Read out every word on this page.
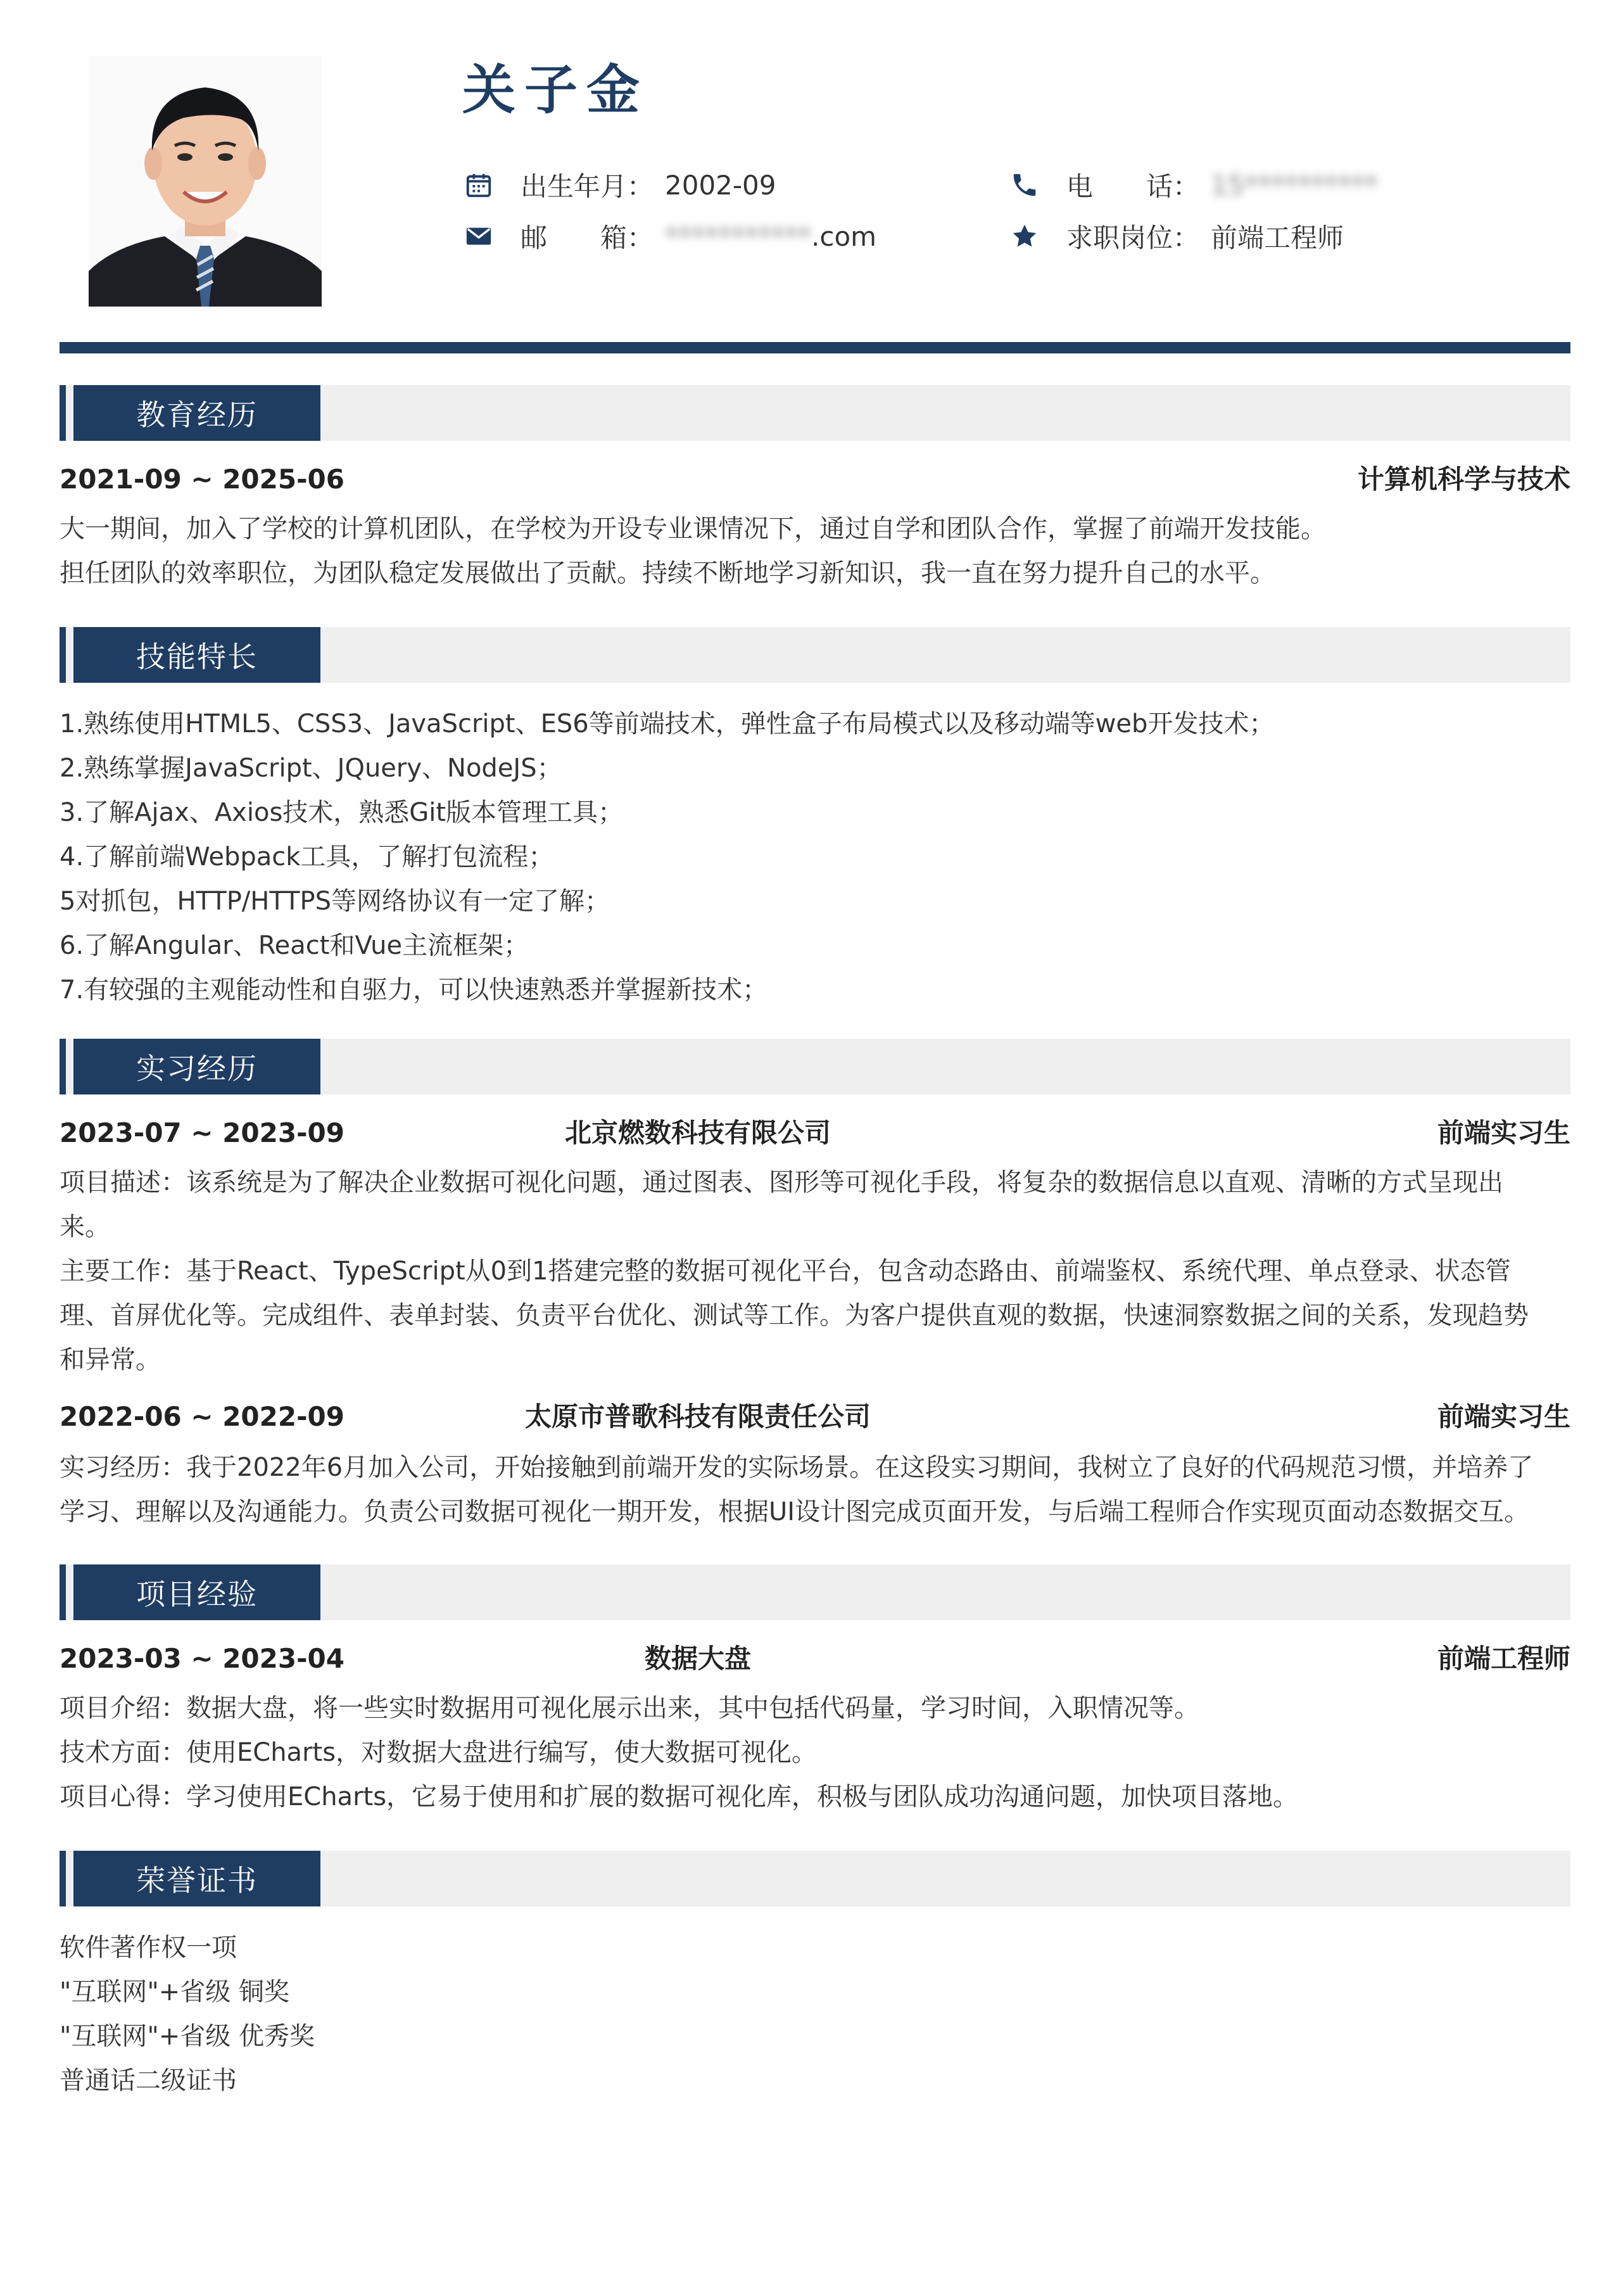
关子金
出生年月： 2002-09	电　　话： 15**********
邮　　箱： ***********.com	求职岗位： 前端工程师
教育经历
2021-09 ~ 2025-06	计算机科学与技术
大一期间，加入了学校的计算机团队，在学校为开设专业课情况下，通过自学和团队合作，掌握了前端开发技能。
担任团队的效率职位，为团队稳定发展做出了贡献。持续不断地学习新知识，我一直在努力提升自己的水平。
技能特长
1.熟练使用HTML5、CSS3、JavaScript、ES6等前端技术，弹性盒子布局模式以及移动端等web开发技术；
2.熟练掌握JavaScript、JQuery、NodeJS；
3.了解Ajax、Axios技术，熟悉Git版本管理工具；
4.了解前端Webpack工具，了解打包流程；
5对抓包，HTTP/HTTPS等网络协议有一定了解；
6.了解Angular、React和Vue主流框架；
7.有较强的主观能动性和自驱力，可以快速熟悉并掌握新技术；
实习经历
2023-07 ~ 2023-09	北京燃数科技有限公司	前端实习生
项目描述：该系统是为了解决企业数据可视化问题，通过图表、图形等可视化手段，将复杂的数据信息以直观、清晰的方式呈现出
来。
主要工作：基于React、TypeScript从0到1搭建完整的数据可视化平台，包含动态路由、前端鉴权、系统代理、单点登录、状态管
理、首屏优化等。完成组件、表单封装、负责平台优化、测试等工作。为客户提供直观的数据，快速洞察数据之间的关系，发现趋势
和异常。
2022-06 ~ 2022-09	太原市普歌科技有限责任公司	前端实习生
实习经历：我于2022年6月加入公司，开始接触到前端开发的实际场景。在这段实习期间，我树立了良好的代码规范习惯，并培养了
学习、理解以及沟通能力。负责公司数据可视化一期开发，根据UI设计图完成页面开发，与后端工程师合作实现页面动态数据交互。
项目经验
2023-03 ~ 2023-04	数据大盘	前端工程师
项目介绍：数据大盘，将一些实时数据用可视化展示出来，其中包括代码量，学习时间，入职情况等。
技术方面：使用ECharts，对数据大盘进行编写，使大数据可视化。
项目心得：学习使用ECharts，它易于使用和扩展的数据可视化库，积极与团队成功沟通问题，加快项目落地。
荣誉证书
软件著作权一项
"互联网"+省级 铜奖
"互联网"+省级 优秀奖
普通话二级证书
